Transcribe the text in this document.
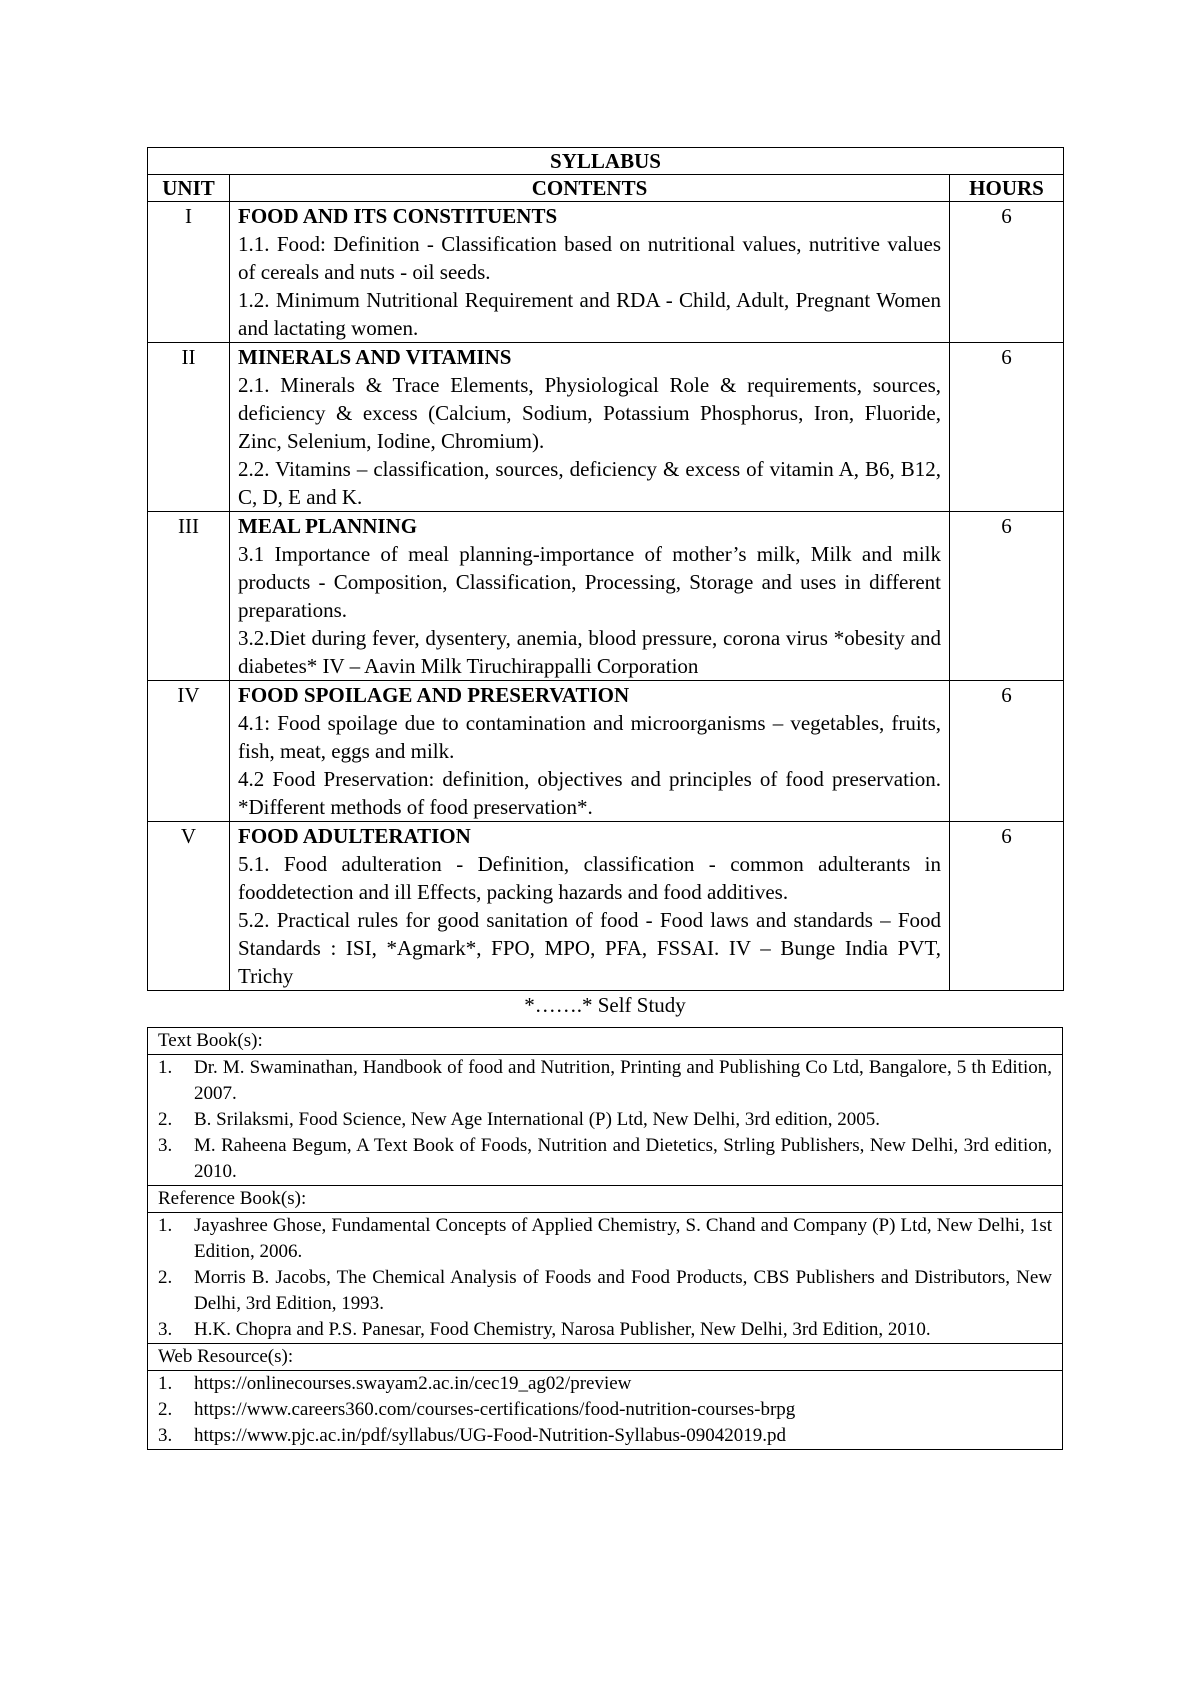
SYLLABUS		
UNIT	CONTENTS	HOURS
I	FOOD AND ITS CONSTITUENTS
1.1. Food: Definition - Classification based on nutritional values, nutritive values of cereals and nuts - oil seeds.
1.2. Minimum Nutritional Requirement and RDA - Child, Adult, Pregnant Women and lactating women.	6
II	MINERALS AND VITAMINS
2.1. Minerals & Trace Elements, Physiological Role & requirements, sources, deficiency & excess (Calcium, Sodium, Potassium Phosphorus, Iron, Fluoride, Zinc, Selenium, Iodine, Chromium).
2.2. Vitamins – classification, sources, deficiency & excess of vitamin A, B6, B12, C, D, E and K.	6
III	MEAL PLANNING
3.1 Importance of meal planning-importance of mother’s milk, Milk and milk products - Composition, Classification, Processing, Storage and uses in different preparations.
3.2.Diet during fever, dysentery, anemia, blood pressure, corona virus *obesity and diabetes* IV – Aavin Milk Tiruchirappalli Corporation	6
IV	FOOD SPOILAGE AND PRESERVATION
4.1: Food spoilage due to contamination and microorganisms – vegetables, fruits, fish, meat, eggs and milk.
4.2 Food Preservation: definition, objectives and principles of food preservation. *Different methods of food preservation*.	6
V	FOOD ADULTERATION
5.1. Food adulteration - Definition, classification - common adulterants in fooddetection and ill Effects, packing hazards and food additives.
5.2. Practical rules for good sanitation of food - Food laws and standards – Food Standards : ISI, *Agmark*, FPO, MPO, PFA, FSSAI. IV – Bunge India PVT, Trichy	6
*…….* Self Study
Text Book(s):

1.	Dr. M. Swaminathan, Handbook of food and Nutrition, Printing and Publishing Co Ltd, Bangalore, 5 th Edition, 2007.
2.	B. Srilaksmi, Food Science, New Age International (P) Ltd, New Delhi, 3rd edition, 2005.
3.	M. Raheena Begum, A Text Book of Foods, Nutrition and Dietetics, Strling Publishers, New Delhi, 3rd edition, 2010.

Reference Book(s):

1.	Jayashree Ghose, Fundamental Concepts of Applied Chemistry, S. Chand and Company (P) Ltd, New Delhi, 1st Edition, 2006.
2.	Morris B. Jacobs, The Chemical Analysis of Foods and Food Products, CBS Publishers and Distributors, New Delhi, 3rd Edition, 1993.
3.	H.K. Chopra and P.S. Panesar, Food Chemistry, Narosa Publisher, New Delhi, 3rd Edition, 2010.

Web Resource(s):

1.	https://onlinecourses.swayam2.ac.in/cec19_ag02/preview
2.	https://www.careers360.com/courses-certifications/food-nutrition-courses-brpg
3.	https://www.pjc.ac.in/pdf/syllabus/UG-Food-Nutrition-Syllabus-09042019.pd
